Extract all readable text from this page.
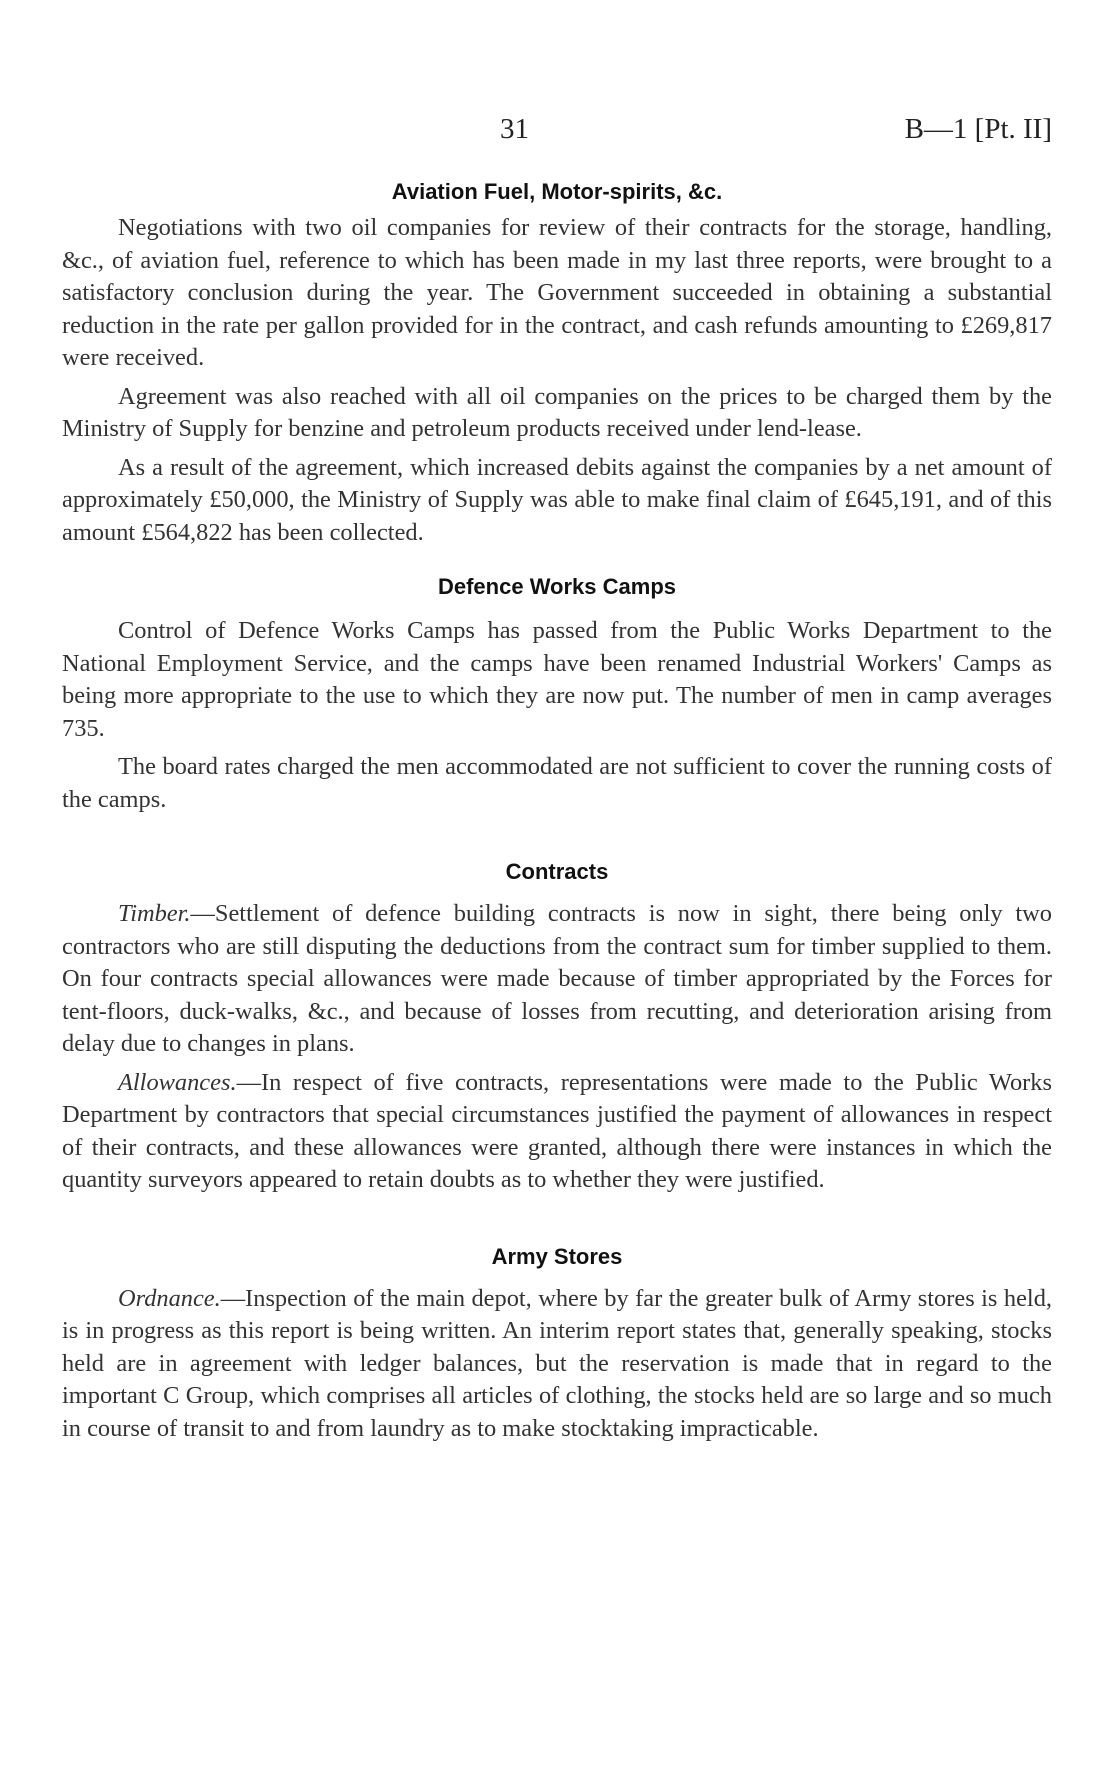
31	B—1 [Pt. II]
Aviation Fuel, Motor-spirits, &c.

Negotiations with two oil companies for review of their contracts for the storage, handling, &c., of aviation fuel, reference to which has been made in my last three reports, were brought to a satisfactory conclusion during the year. The Government succeeded in obtaining a substantial reduction in the rate per gallon provided for in the contract, and cash refunds amounting to £269,817 were received.

Agreement was also reached with all oil companies on the prices to be charged them by the Ministry of Supply for benzine and petroleum products received under lend-lease.

As a result of the agreement, which increased debits against the companies by a net amount of approximately £50,000, the Ministry of Supply was able to make final claim of £645,191, and of this amount £564,822 has been collected.

Defence Works Camps

Control of Defence Works Camps has passed from the Public Works Department to the National Employment Service, and the camps have been renamed Industrial Workers' Camps as being more appropriate to the use to which they are now put. The number of men in camp averages 735.

The board rates charged the men accommodated are not sufficient to cover the running costs of the camps.

Contracts

Timber.—Settlement of defence building contracts is now in sight, there being only two contractors who are still disputing the deductions from the contract sum for timber supplied to them. On four contracts special allowances were made because of timber appropriated by the Forces for tent-floors, duck-walks, &c., and because of losses from recutting, and deterioration arising from delay due to changes in plans.

Allowances.—In respect of five contracts, representations were made to the Public Works Department by contractors that special circumstances justified the payment of allowances in respect of their contracts, and these allowances were granted, although there were instances in which the quantity surveyors appeared to retain doubts as to whether they were justified.

Army Stores

Ordnance.—Inspection of the main depot, where by far the greater bulk of Army stores is held, is in progress as this report is being written. An interim report states that, generally speaking, stocks held are in agreement with ledger balances, but the reservation is made that in regard to the important C Group, which comprises all articles of clothing, the stocks held are so large and so much in course of transit to and from laundry as to make stocktaking impracticable.
